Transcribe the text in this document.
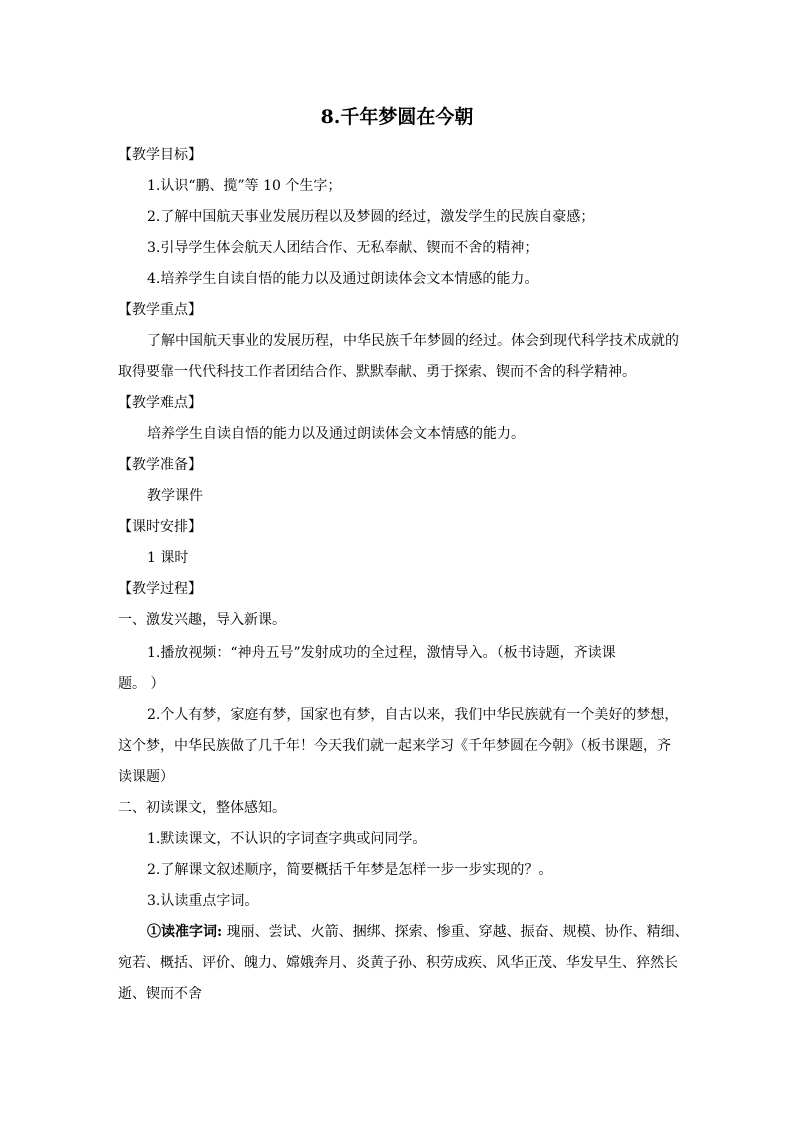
8.千年梦圆在今朝
【教学目标】
1.认识“鹏、揽”等 10 个生字；
2.了解中国航天事业发展历程以及梦圆的经过，激发学生的民族自豪感；
3.引导学生体会航天人团结合作、无私奉献、锲而不舍的精神；
4.培养学生自读自悟的能力以及通过朗读体会文本情感的能力。
【教学重点】
了解中国航天事业的发展历程，中华民族千年梦圆的经过。体会到现代科学技术成就的
取得要靠一代代科技工作者团结合作、默默奉献、勇于探索、锲而不舍的科学精神。
【教学难点】
培养学生自读自悟的能力以及通过朗读体会文本情感的能力。
【教学准备】
教学课件
【课时安排】
1 课时
【教学过程】
一、激发兴趣，导入新课。
1.播放视频：“神舟五号”发射成功的全过程，激情导入。（板书诗题，齐读课
题。 ）
2.个人有梦，家庭有梦，国家也有梦，自古以来，我们中华民族就有一个美好的梦想，
这个梦，中华民族做了几千年！今天我们就一起来学习《千年梦圆在今朝》（板书课题，齐
读课题）
二、初读课文，整体感知。
1.默读课文，不认识的字词查字典或问同学。
2.了解课文叙述顺序，简要概括千年梦是怎样一步一步实现的？。
3.认读重点字词。
①读准字词: 瑰丽、尝试、火箭、捆绑、探索、惨重、穿越、振奋、规模、协作、精细、
宛若、概括、评价、魄力、嫦娥奔月、炎黄子孙、积劳成疾、风华正茂、华发早生、猝然长
逝、锲而不舍
